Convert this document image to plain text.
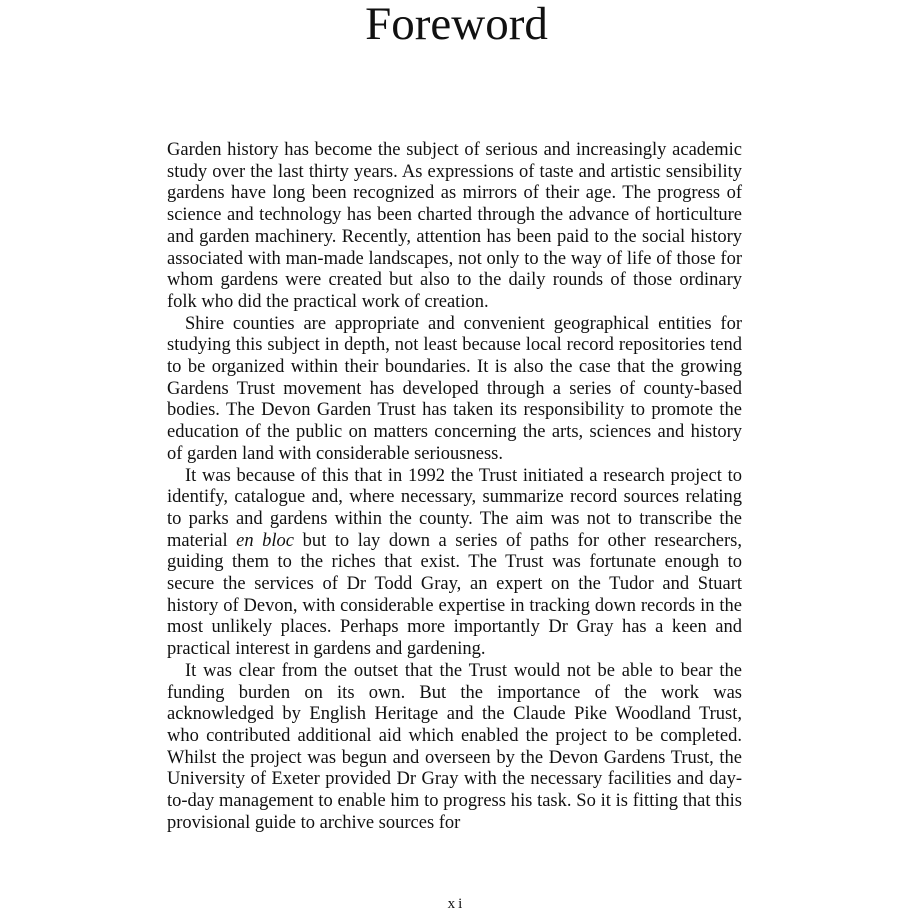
Foreword

Garden history has become the subject of serious and increasingly academic study over the last thirty years. As expressions of taste and artistic sensibility gardens have long been recognized as mirrors of their age. The progress of science and technology has been charted through the advance of horticulture and garden machinery. Recently, attention has been paid to the social history associated with man-made landscapes, not only to the way of life of those for whom gardens were created but also to the daily rounds of those ordinary folk who did the practical work of creation.

Shire counties are appropriate and convenient geographical entities for studying this subject in depth, not least because local record repositories tend to be organized within their boundaries. It is also the case that the growing Gardens Trust movement has developed through a series of county-based bodies. The Devon Garden Trust has taken its responsibility to promote the education of the public on matters concerning the arts, sciences and history of garden land with considerable seriousness.

It was because of this that in 1992 the Trust initiated a research project to identify, catalogue and, where necessary, summarize record sources relating to parks and gardens within the county. The aim was not to transcribe the material en bloc but to lay down a series of paths for other researchers, guiding them to the riches that exist. The Trust was fortunate enough to secure the services of Dr Todd Gray, an expert on the Tudor and Stuart history of Devon, with considerable expertise in tracking down records in the most unlikely places. Perhaps more importantly Dr Gray has a keen and practical interest in gardens and gardening.

It was clear from the outset that the Trust would not be able to bear the funding burden on its own. But the importance of the work was acknowledged by English Heritage and the Claude Pike Woodland Trust, who contributed additional aid which enabled the project to be completed. Whilst the project was begun and overseen by the Devon Gardens Trust, the University of Exeter provided Dr Gray with the necessary facilities and day-to-day management to enable him to progress his task. So it is fitting that this provisional guide to archive sources for

xi
